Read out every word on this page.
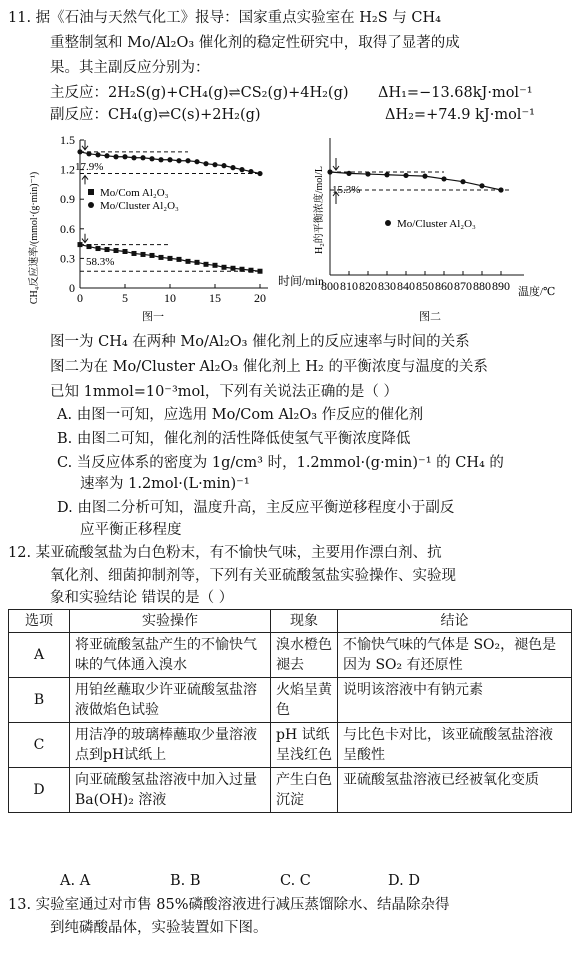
11. 据《石油与天然气化工》报导：国家重点实验室在 H₂S 与 CH₄
重整制氢和 Mo/Al₂O₃ 催化剂的稳定性研究中，取得了显著的成
果。其主副反应分别为：
主反应：2H₂S(g)+CH₄(g)⇌CS₂(g)+4H₂(g) ΔH₁=−13.68kJ·mol⁻¹
副反应：CH₄(g)⇌C(s)+2H₂(g)	ΔH₂=+74.9 kJ·mol⁻¹
CH₄反应速率/(mmol·(g·min)⁻¹)	时间/min
图一
Mo/Com Al₂O₃
Mo/Cluster Al₂O₃
17.9%
58.3%
0	5	10	15	20
0
0.3
0.6
0.9
1.2
1.5
H₂的平衡浓度/mol/L
温度/℃
图二
Mo/Cluster Al₂O₃
15.3%
800 810 820 830 840 850 860 870 880 890
图一为 CH₄ 在两种 Mo/Al₂O₃ 催化剂上的反应速率与时间的关系
图二为在 Mo/Cluster Al₂O₃ 催化剂上 H₂ 的平衡浓度与温度的关系
已知 1mmol=10⁻³mol，下列有关说法正确的是（ ）
A. 由图一可知，应选用 Mo/Com Al₂O₃ 作反应的催化剂
B. 由图二可知，催化剂的活性降低使氢气平衡浓度降低
C. 当反应体系的密度为 1g/cm³ 时，1.2mmol·(g·min)⁻¹ 的 CH₄ 的
速率为 1.2mol·(L·min)⁻¹
D. 由图二分析可知，温度升高，主反应平衡逆移程度小于副反
应平衡正移程度
12. 某亚硫酸氢盐为白色粉末，有不愉快气味，主要用作漂白剂、抗
氧化剂、细菌抑制剂等，下列有关亚硫酸氢盐实验操作、实验现
象和实验结论 错误的是（ ）
选项	实验操作	现象	结论
A	将亚硫酸氢盐产生的不愉快气味的气体通入溴水	溴水橙色褪去	不愉快气味的气体是 SO₂，褪色是因为 SO₂ 有还原性
B	用铂丝蘸取少许亚硫酸氢盐溶液做焰色试验	火焰呈黄色	说明该溶液中有钠元素
C	用洁净的玻璃棒蘸取少量溶液点到pH试纸上	pH 试纸呈浅红色	与比色卡对比，该亚硫酸氢盐溶液呈酸性
D	向亚硫酸氢盐溶液中加入过量 Ba(OH)₂ 溶液	产生白色沉淀	亚硫酸氢盐溶液已经被氧化变质
A. A	B. B	C. C	D. D
13. 实验室通过对市售 85%磷酸溶液进行减压蒸馏除水、结晶除杂得
到纯磷酸晶体，实验装置如下图。
